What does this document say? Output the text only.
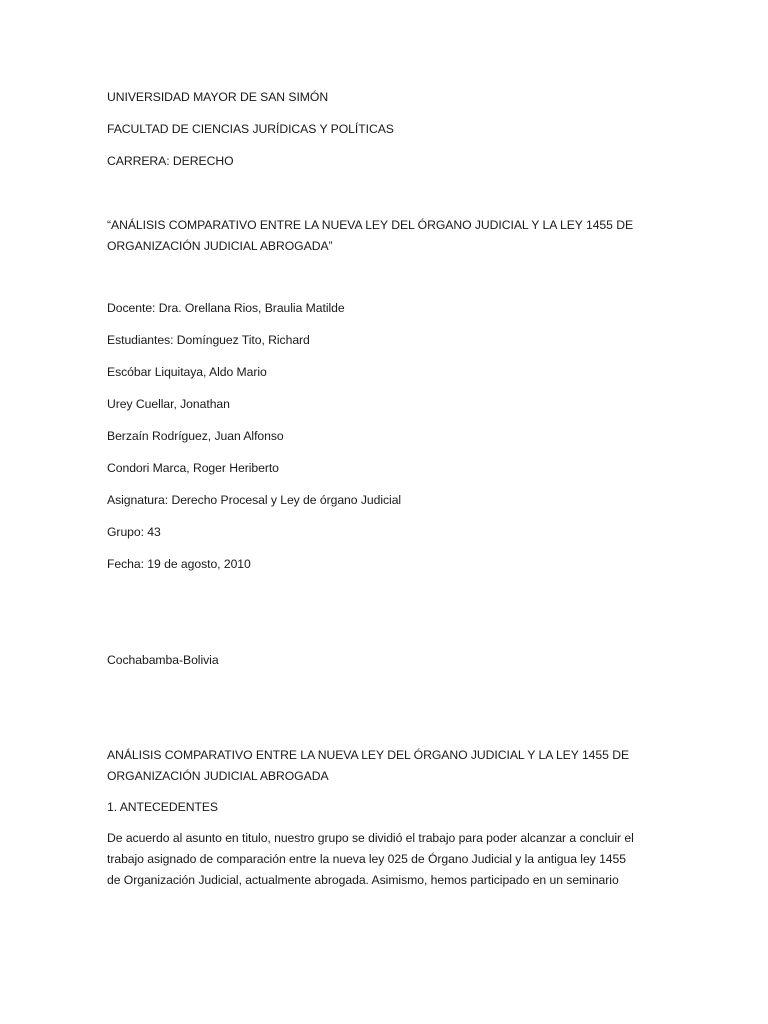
UNIVERSIDAD MAYOR DE SAN SIMÓN

FACULTAD DE CIENCIAS JURÍDICAS Y POLÍTICAS

CARRERA: DERECHO

“ANÁLISIS COMPARATIVO ENTRE LA NUEVA LEY DEL ÓRGANO JUDICIAL Y LA LEY 1455 DE

ORGANIZACIÓN JUDICIAL ABROGADA”

Docente: Dra. Orellana Rios, Braulia Matilde

Estudiantes: Domínguez Tito, Richard

Escóbar Liquitaya, Aldo Mario

Urey Cuellar, Jonathan

Berzaín Rodríguez, Juan Alfonso

Condori Marca, Roger Heriberto

Asignatura: Derecho Procesal y Ley de órgano Judicial

Grupo: 43

Fecha: 19 de agosto, 2010

Cochabamba-Bolivia

ANÁLISIS COMPARATIVO ENTRE LA NUEVA LEY DEL ÓRGANO JUDICIAL Y LA LEY 1455 DE

ORGANIZACIÓN JUDICIAL ABROGADA

1. ANTECEDENTES

De acuerdo al asunto en titulo, nuestro grupo se dividió el trabajo para poder alcanzar a concluir el
trabajo asignado de comparación entre la nueva ley 025 de Órgano Judicial y la antigua ley 1455
de Organización Judicial, actualmente abrogada. Asimismo, hemos participado en un seminario
